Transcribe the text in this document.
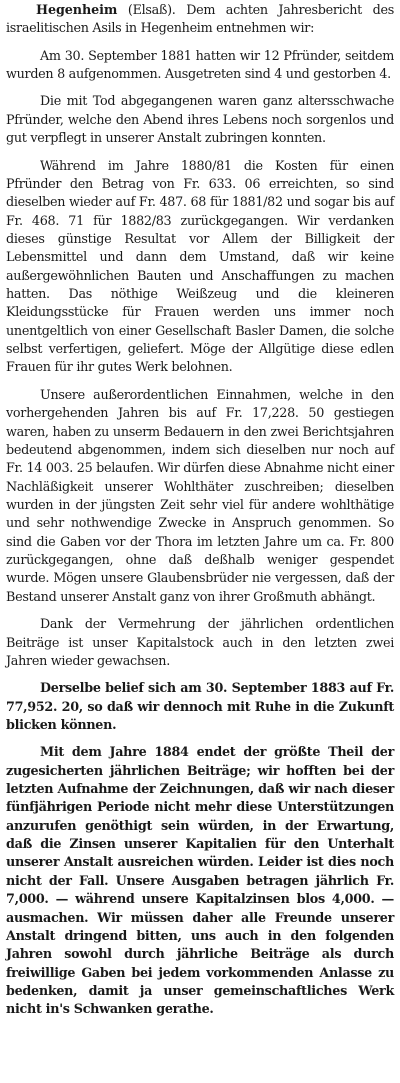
Hegenheim (Elsaß). Dem achten Jahresbericht des israelitischen Asils in Hegenheim entnehmen wir:

Am 30. September 1881 hatten wir 12 Pfründer, seitdem wurden 8 aufgenommen. Ausgetreten sind 4 und gestorben 4.

Die mit Tod abgegangenen waren ganz altersschwache Pfründer, welche den Abend ihres Lebens noch sorgenlos und gut verpflegt in unserer Anstalt zubringen konnten.

Während im Jahre 1880/81 die Kosten für einen Pfründer den Betrag von Fr. 633. 06 erreichten, so sind dieselben wieder auf Fr. 487. 68 für 1881/82 und sogar bis auf Fr. 468. 71 für 1882/83 zurückgegangen. Wir verdanken dieses günstige Resultat vor Allem der Billigkeit der Lebensmittel und dann dem Umstand, daß wir keine außergewöhnlichen Bauten und Anschaffungen zu machen hatten. Das nöthige Weißzeug und die kleineren Kleidungsstücke für Frauen werden uns immer noch unentgeltlich von einer Gesellschaft Basler Damen, die solche selbst verfertigen, geliefert. Möge der Allgütige diese edlen Frauen für ihr gutes Werk belohnen.

Unsere außerordentlichen Einnahmen, welche in den vorhergehenden Jahren bis auf Fr. 17,228. 50 gestiegen waren, haben zu unserm Bedauern in den zwei Berichtsjahren bedeutend abgenommen, indem sich dieselben nur noch auf Fr. 14 003. 25 belaufen. Wir dürfen diese Abnahme nicht einer Nachläßigkeit unserer Wohlthäter zuschreiben; dieselben wurden in der jüngsten Zeit sehr viel für andere wohlthätige und sehr nothwendige Zwecke in Anspruch genommen. So sind die Gaben vor der Thora im letzten Jahre um ca. Fr. 800 zurückgegangen, ohne daß deßhalb weniger gespendet wurde. Mögen unsere Glaubensbrüder nie vergessen, daß der Bestand unserer Anstalt ganz von ihrer Großmuth abhängt.

Dank der Vermehrung der jährlichen ordentlichen Beiträge ist unser Kapitalstock auch in den letzten zwei Jahren wieder gewachsen.

Derselbe belief sich am 30. September 1883 auf Fr. 77,952. 20, so daß wir dennoch mit Ruhe in die Zukunft blicken können.

Mit dem Jahre 1884 endet der größte Theil der zugesicherten jährlichen Beiträge; wir hofften bei der letzten Aufnahme der Zeichnungen, daß wir nach dieser fünfjährigen Periode nicht mehr diese Unterstützungen anzurufen genöthigt sein würden, in der Erwartung, daß die Zinsen unserer Kapitalien für den Unterhalt unserer Anstalt ausreichen würden. Leider ist dies noch nicht der Fall. Unsere Ausgaben betragen jährlich Fr. 7,000. — während unsere Kapitalzinsen blos 4,000. — ausmachen. Wir müssen daher alle Freunde unserer Anstalt dringend bitten, uns auch in den folgenden Jahren sowohl durch jährliche Beiträge als durch freiwillige Gaben bei jedem vorkommenden Anlasse zu bedenken, damit ja unser gemeinschaftliches Werk nicht in's Schwanken gerathe.
